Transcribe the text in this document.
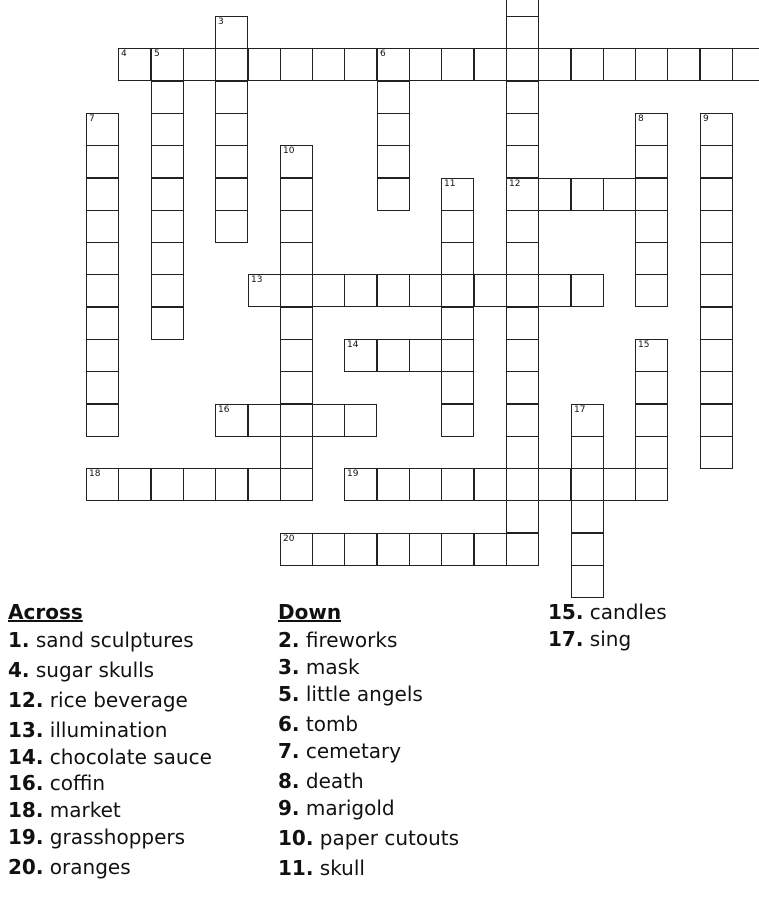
4	5	6
12
3
7	8	9
10
11
13
14	15
16	17
18	19
20
Across
1. sand sculptures
4. sugar skulls
12. rice beverage
13. illumination
14. chocolate sauce
16. coffin
18. market
19. grasshoppers
20. oranges
Down
2. fireworks
3. mask
5. little angels
6. tomb
7. cemetary
8. death
9. marigold
10. paper cutouts
11. skull
15. candles
17. sing
